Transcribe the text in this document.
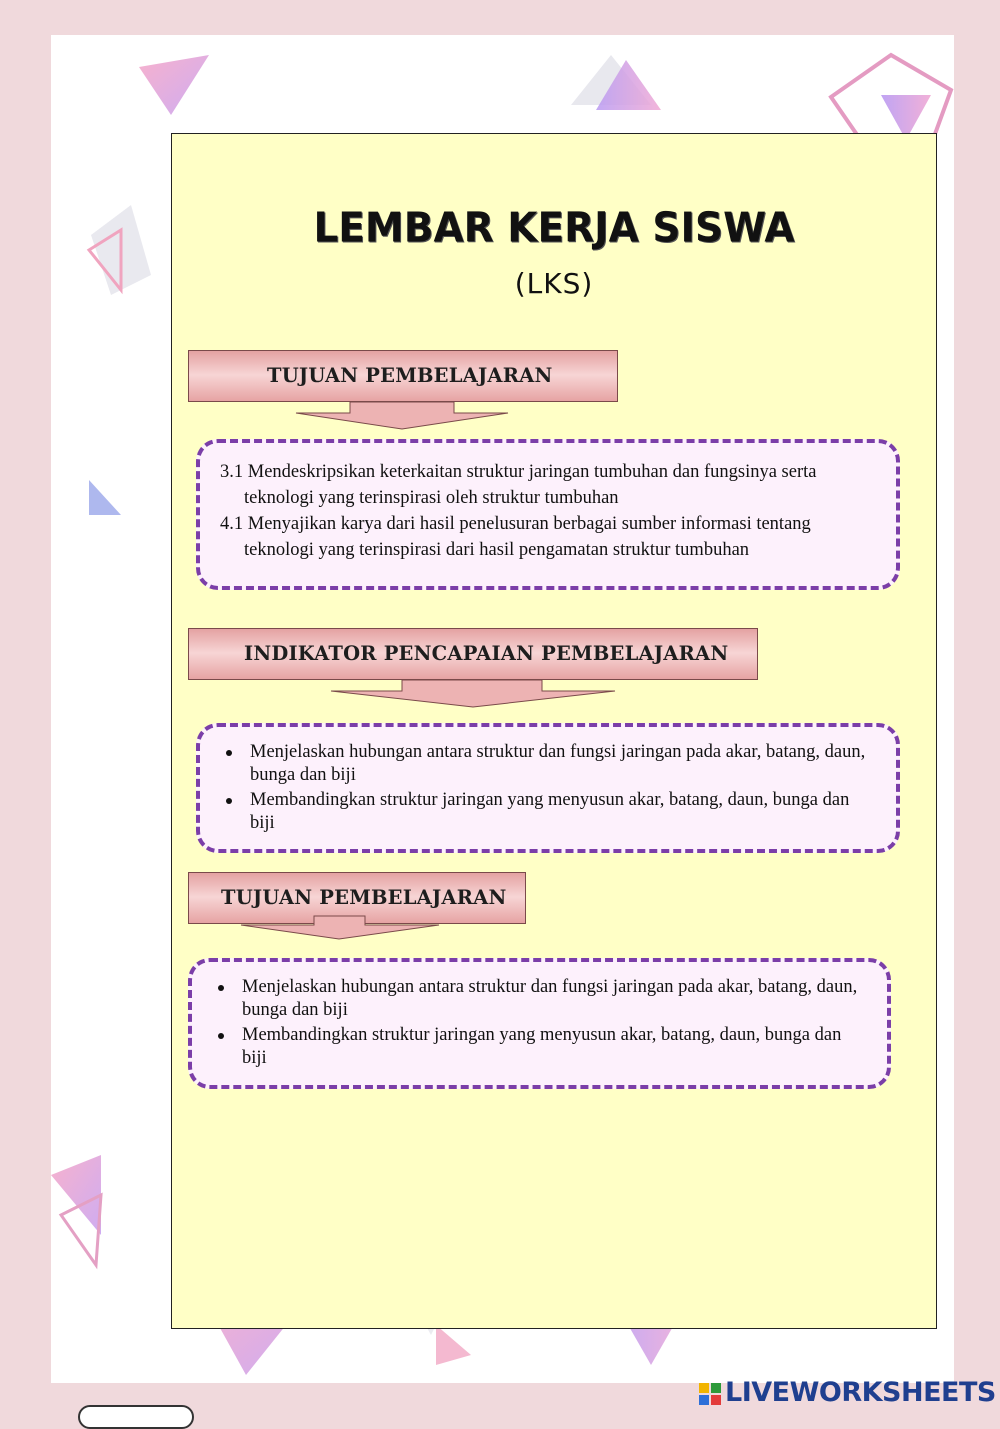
LEMBAR KERJA SISWA
(LKS)
TUJUAN PEMBELAJARAN
3.1 Mendeskripsikan keterkaitan struktur jaringan tumbuhan dan fungsinya serta teknologi yang terinspirasi oleh struktur tumbuhan
4.1 Menyajikan karya dari hasil penelusuran berbagai sumber informasi tentang teknologi yang terinspirasi dari hasil pengamatan struktur tumbuhan
INDIKATOR PENCAPAIAN PEMBELAJARAN
Menjelaskan hubungan antara struktur dan fungsi jaringan pada akar, batang, daun, bunga dan biji
Membandingkan struktur jaringan yang menyusun akar, batang, daun, bunga dan biji
TUJUAN PEMBELAJARAN
Menjelaskan hubungan antara struktur dan fungsi jaringan pada akar, batang, daun, bunga dan biji
Membandingkan struktur jaringan yang menyusun akar, batang, daun, bunga dan biji
LIVEWORKSHEETS
